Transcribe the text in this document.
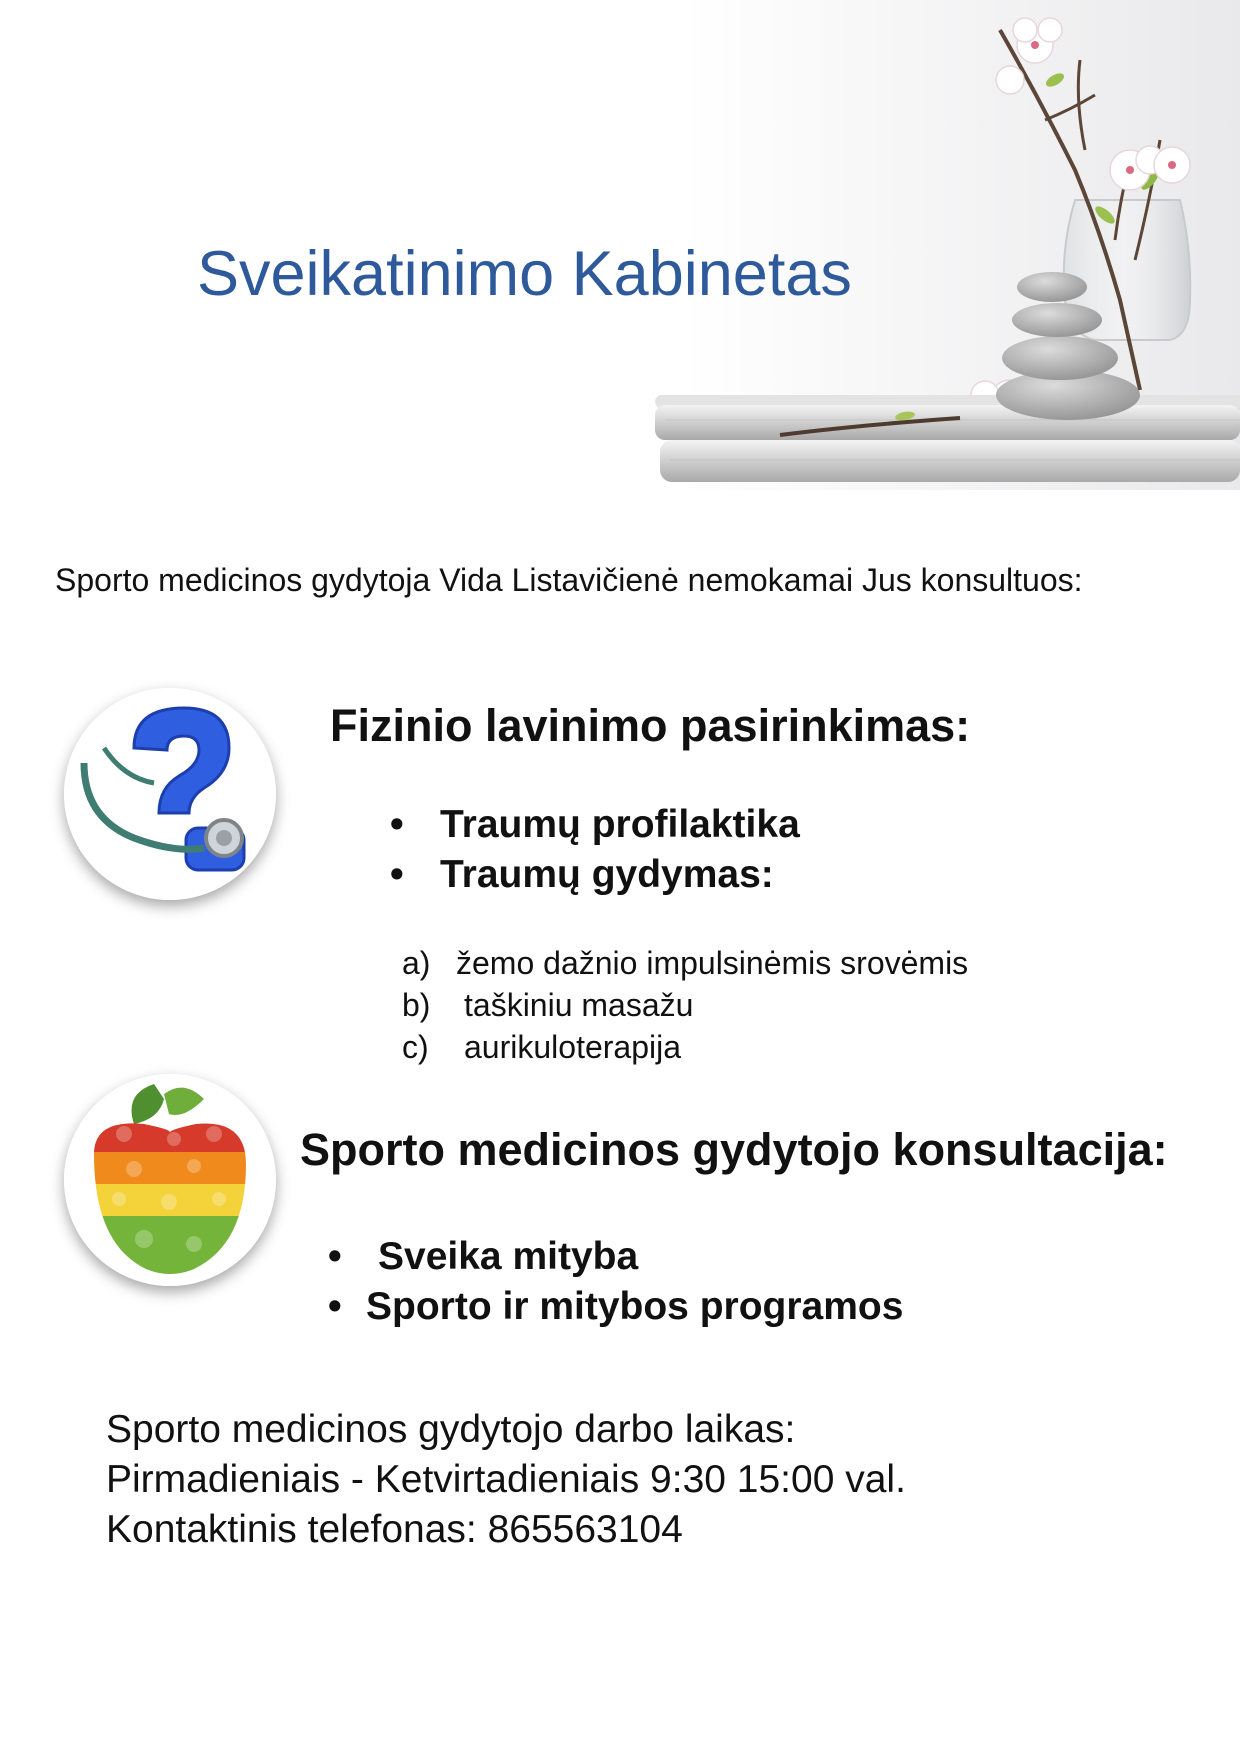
Sveikatinimo Kabinetas
Sporto medicinos gydytoja Vida Listavičienė nemokamai Jus konsultuos:
Fizinio lavinimo pasirinkimas:
• Traumų profilaktika
• Traumų gydymas:
a) žemo dažnio impulsinėmis srovėmis
b) taškiniu masažu
c) aurikuloterapija
Sporto medicinos gydytojo konsultacija:
• Sveika mityba
• Sporto ir mitybos programos
Sporto medicinos gydytojo darbo laikas:
Pirmadieniais - Ketvirtadieniais 9:30 15:00 val.
Kontaktinis telefonas: 865563104
